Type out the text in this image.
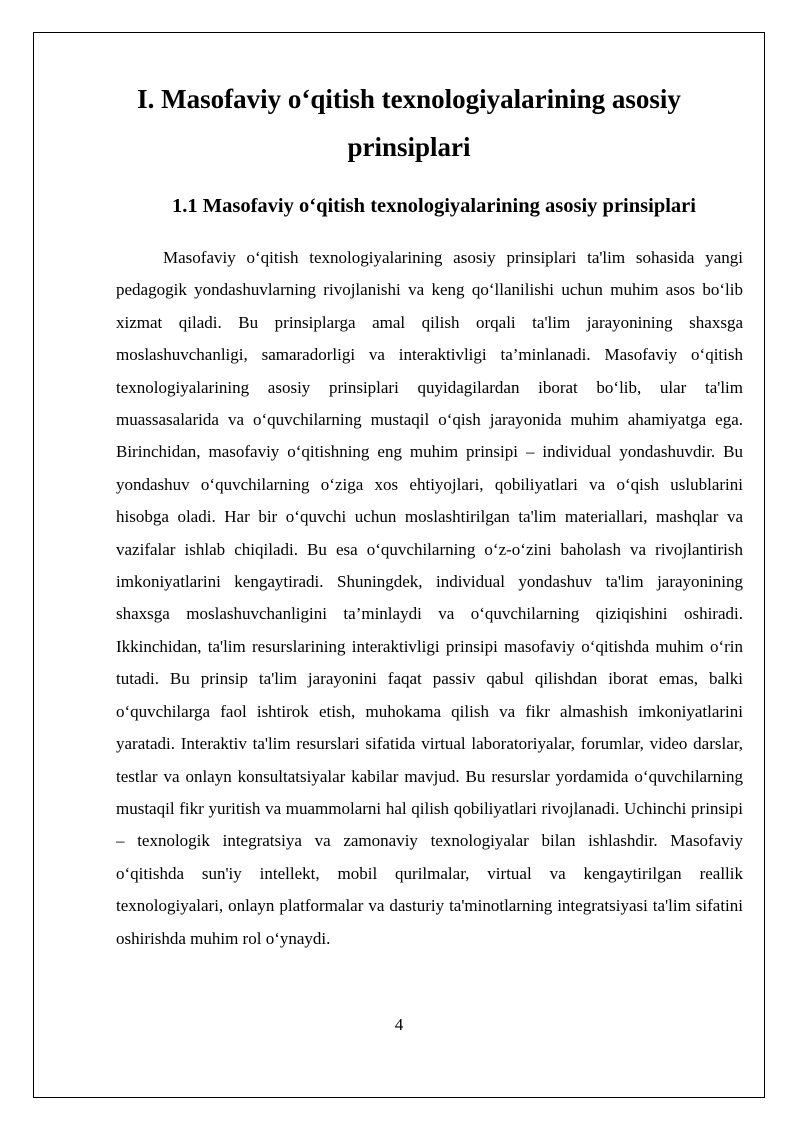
I. Masofaviy o‘qitish texnologiyalarining asosiy prinsiplari
1.1 Masofaviy o‘qitish texnologiyalarining asosiy prinsiplari

Masofaviy o‘qitish texnologiyalarining asosiy prinsiplari ta'lim sohasida yangi pedagogik yondashuvlarning rivojlanishi va keng qo‘llanilishi uchun muhim asos bo‘lib xizmat qiladi. Bu prinsiplarga amal qilish orqali ta'lim jarayonining shaxsga moslashuvchanligi, samaradorligi va interaktivligi ta’minlanadi. Masofaviy o‘qitish texnologiyalarining asosiy prinsiplari quyidagilardan iborat bo‘lib, ular ta'lim muassasalarida va o‘quvchilarning mustaqil o‘qish jarayonida muhim ahamiyatga ega. Birinchidan, masofaviy o‘qitishning eng muhim prinsipi – individual yondashuvdir. Bu yondashuv o‘quvchilarning o‘ziga xos ehtiyojlari, qobiliyatlari va o‘qish uslublarini hisobga oladi. Har bir o‘quvchi uchun moslashtirilgan ta'lim materiallari, mashqlar va vazifalar ishlab chiqiladi. Bu esa o‘quvchilarning o‘z-o‘zini baholash va rivojlantirish imkoniyatlarini kengaytiradi. Shuningdek, individual yondashuv ta'lim jarayonining shaxsga moslashuvchanligini ta’minlaydi va o‘quvchilarning qiziqishini oshiradi. Ikkinchidan, ta'lim resurslarining interaktivligi prinsipi masofaviy o‘qitishda muhim o‘rin tutadi. Bu prinsip ta'lim jarayonini faqat passiv qabul qilishdan iborat emas, balki o‘quvchilarga faol ishtirok etish, muhokama qilish va fikr almashish imkoniyatlarini yaratadi. Interaktiv ta'lim resurslari sifatida virtual laboratoriyalar, forumlar, video darslar, testlar va onlayn konsultatsiyalar kabilar mavjud. Bu resurslar yordamida o‘quvchilarning mustaqil fikr yuritish va muammolarni hal qilish qobiliyatlari rivojlanadi. Uchinchi prinsipi – texnologik integratsiya va zamonaviy texnologiyalar bilan ishlashdir. Masofaviy o‘qitishda sun'iy intellekt, mobil qurilmalar, virtual va kengaytirilgan reallik texnologiyalari, onlayn platformalar va dasturiy ta'minotlarning integratsiyasi ta'lim sifatini oshirishda muhim rol o‘ynaydi.

4
